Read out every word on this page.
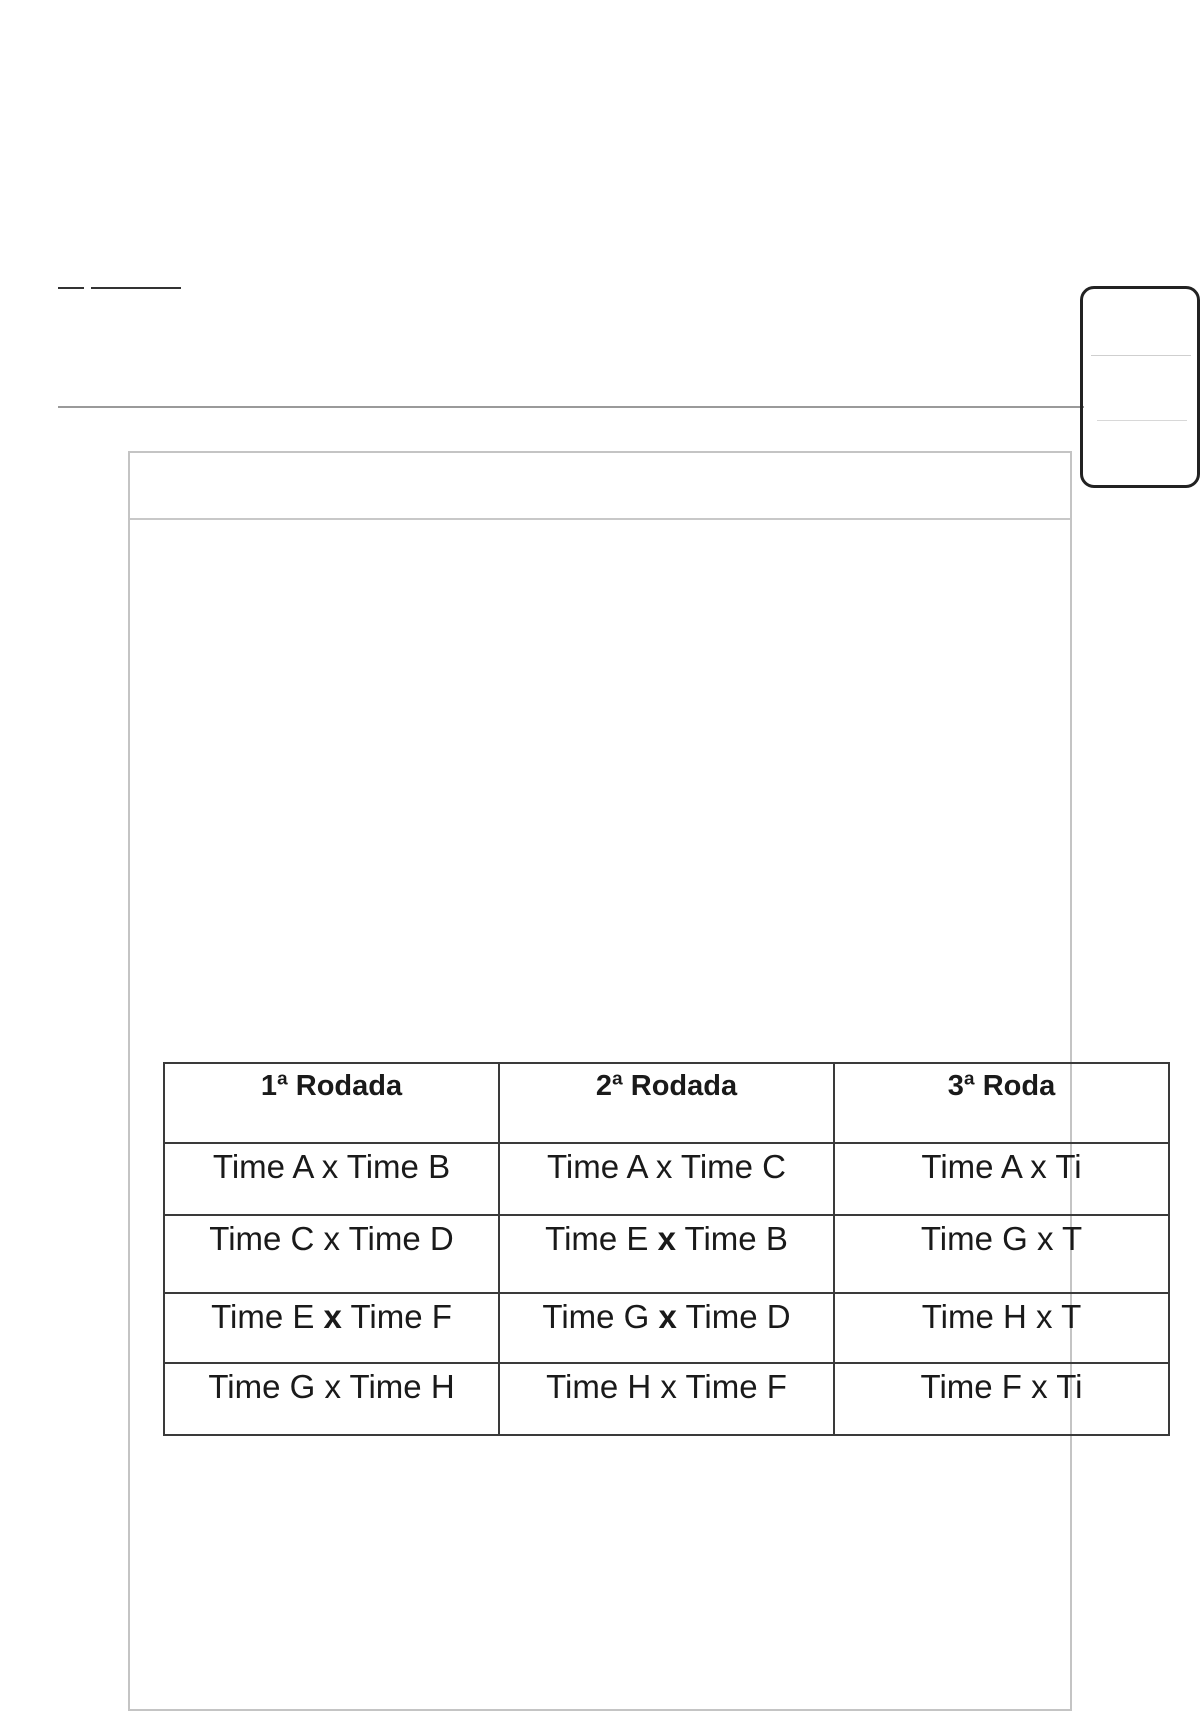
1ª Rodada	2ª Rodada	3ª Roda
Time A x Time B	Time A x Time C	Time A x Ti
Time C x Time D	Time E x Time B	Time G x T
Time E x Time F	Time G x Time D	Time H x T
Time G x Time H	Time H x Time F	Time F x Ti
